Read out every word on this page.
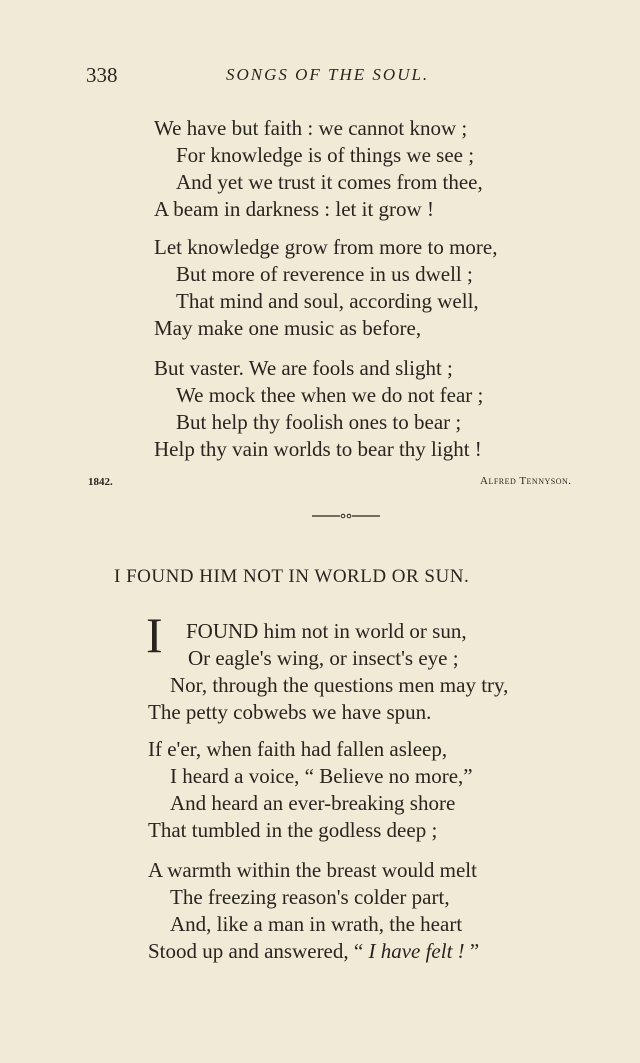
338	SONGS OF THE SOUL.
We have but faith : we cannot know ;
For knowledge is of things we see ;
And yet we trust it comes from thee,
A beam in darkness : let it grow !
Let knowledge grow from more to more,
But more of reverence in us dwell ;
That mind and soul, according well,
May make one music as before,
But vaster. We are fools and slight ;
We mock thee when we do not fear ;
But help thy foolish ones to bear ;
Help thy vain worlds to bear thy light !
1842.	Alfred Tennyson.
I FOUND HIM NOT IN WORLD OR SUN.
I	FOUND him not in world or sun,
Or eagle's wing, or insect's eye ;
Nor, through the questions men may try,
The petty cobwebs we have spun.
If e'er, when faith had fallen asleep,
I heard a voice, “ Believe no more,”
And heard an ever-breaking shore
That tumbled in the godless deep ;
A warmth within the breast would melt
The freezing reason's colder part,
And, like a man in wrath, the heart
Stood up and answered, “ I have felt ! ”
